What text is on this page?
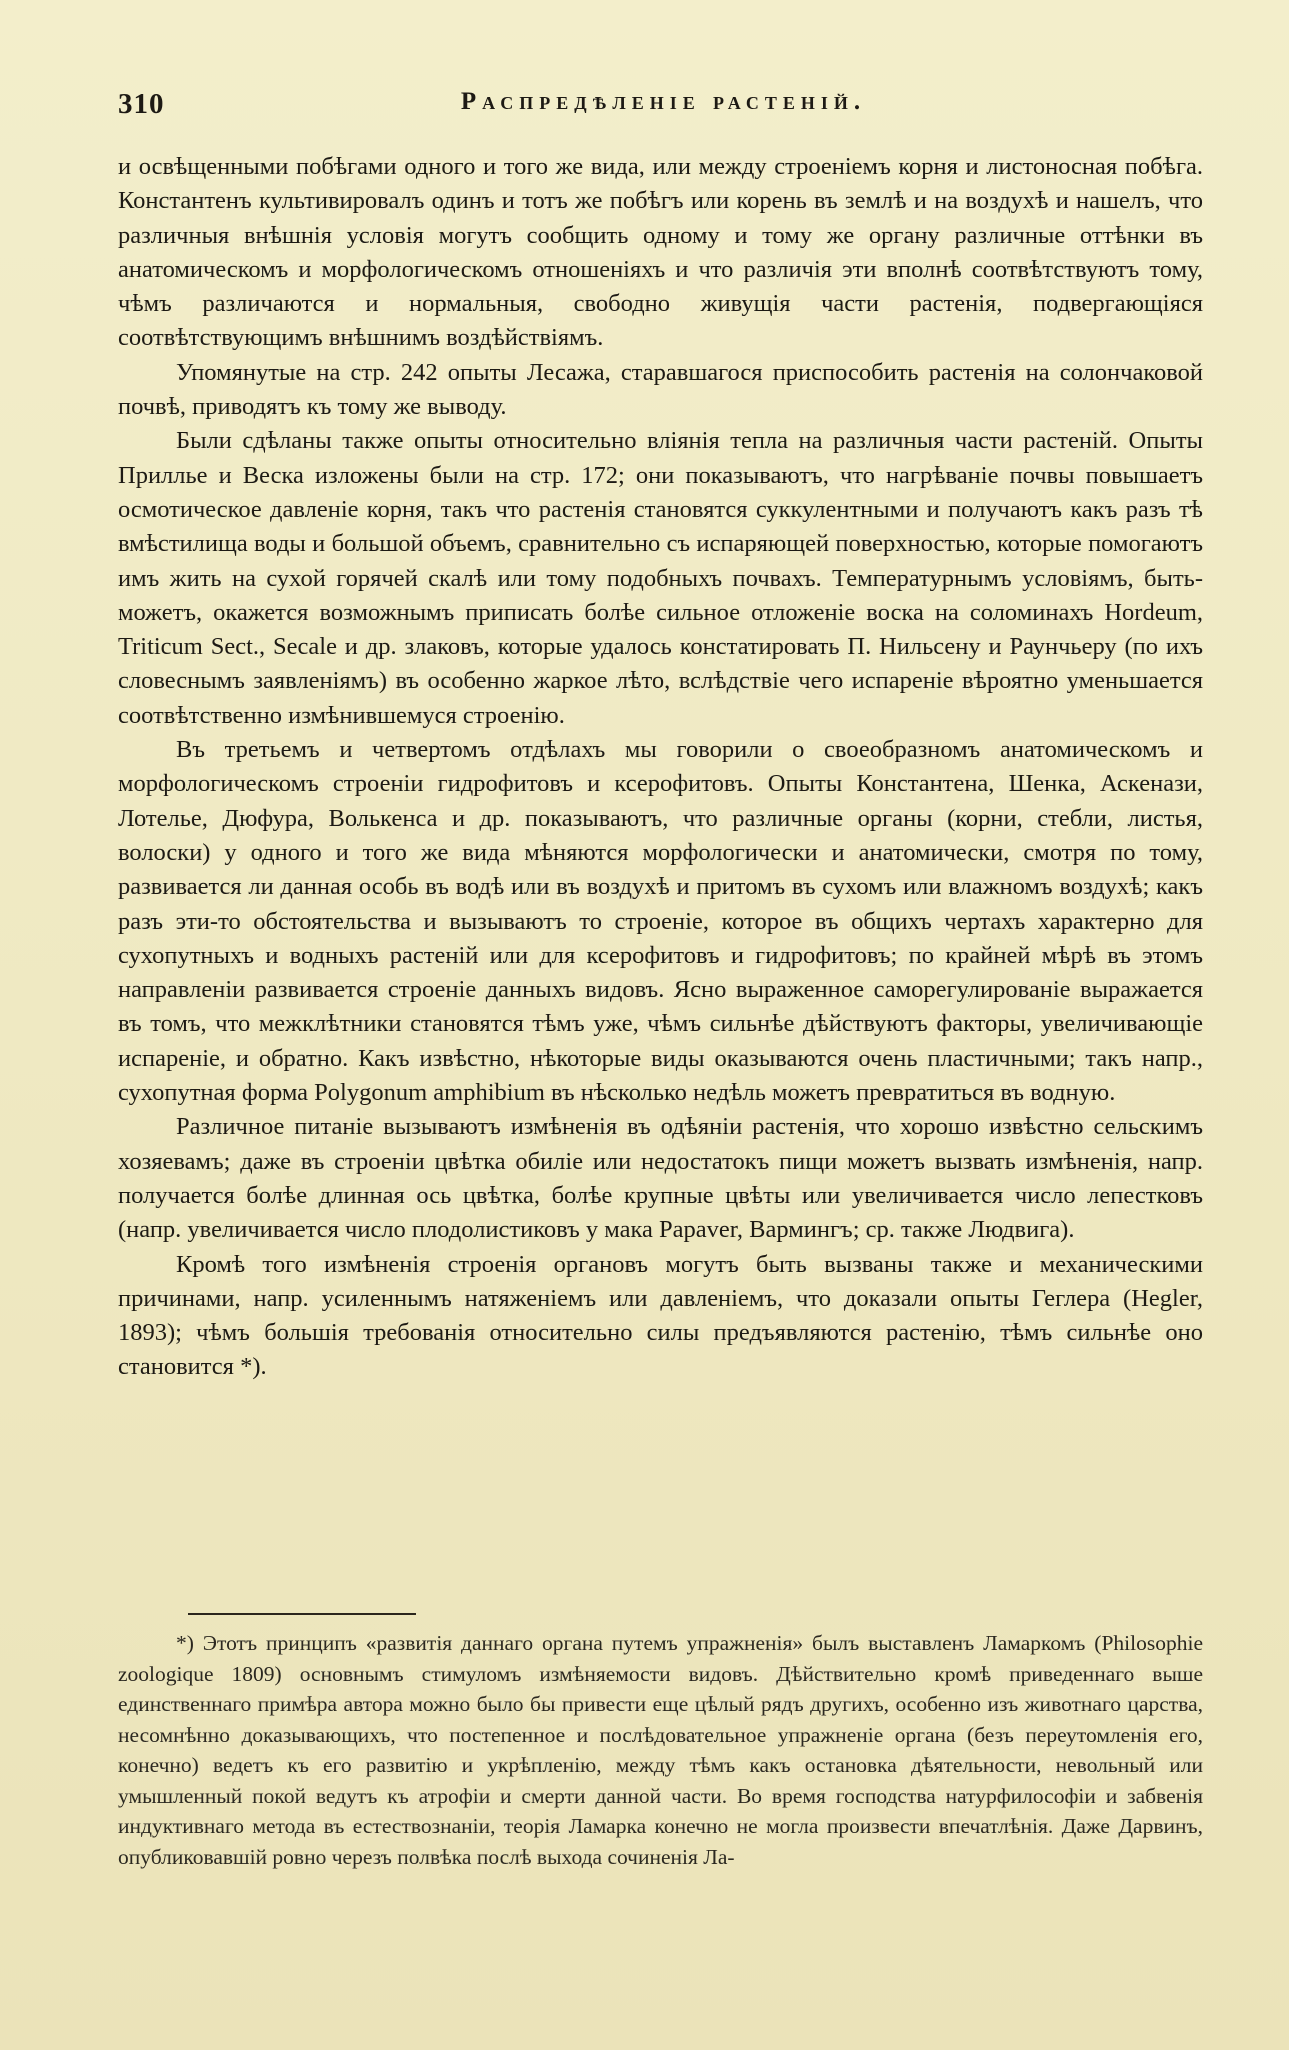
310	Распредѣленіе растеній.

и освѣщенными побѣгами одного и того же вида, или между строеніемъ корня и листоносная побѣга. Константенъ культивировалъ одинъ и тотъ же побѣгъ или корень въ землѣ и на воздухѣ и нашелъ, что различныя внѣшнія условія могутъ сообщить одному и тому же органу различные оттѣнки въ анатомическомъ и морфологическомъ отношеніяхъ и что различія эти вполнѣ соотвѣтствуютъ тому, чѣмъ различаются и нормальныя, свободно живущія части растенія, подвергающіяся соотвѣтствующимъ внѣшнимъ воздѣйствіямъ.

Упомянутые на стр. 242 опыты Лесажа, старавшагося приспособить растенія на солончаковой почвѣ, приводятъ къ тому же выводу.

Были сдѣланы также опыты относительно вліянія тепла на различныя части растеній. Опыты Приллье и Веска изложены были на стр. 172; они показываютъ, что нагрѣваніе почвы повышаетъ осмотическое давленіе корня, такъ что растенія становятся суккулентными и получаютъ какъ разъ тѣ вмѣстилища воды и большой объемъ, сравнительно съ испаряющей поверхностью, которые помогаютъ имъ жить на сухой горячей скалѣ или тому подобныхъ почвахъ. Температурнымъ условіямъ, быть-можетъ, окажется возможнымъ приписать болѣе сильное отложеніе воска на соломинахъ Hordeum, Triticum Sect., Secale и др. злаковъ, которые удалось констатировать П. Нильсену и Раунчьеру (по ихъ словеснымъ заявленіямъ) въ особенно жаркое лѣто, вслѣдствіе чего испареніе вѣроятно уменьшается соотвѣтственно измѣнившемуся строенію.

Въ третьемъ и четвертомъ отдѣлахъ мы говорили о своеобразномъ анатомическомъ и морфологическомъ строеніи гидрофитовъ и ксерофитовъ. Опыты Константена, Шенка, Аскенази, Лотелье, Дюфура, Волькенса и др. показываютъ, что различные органы (корни, стебли, листья, волоски) у одного и того же вида мѣняются морфологически и анатомически, смотря по тому, развивается ли данная особь въ водѣ или въ воздухѣ и притомъ въ сухомъ или влажномъ воздухѣ; какъ разъ эти-то обстоятельства и вызываютъ то строеніе, которое въ общихъ чертахъ характерно для сухопутныхъ и водныхъ растеній или для ксерофитовъ и гидрофитовъ; по крайней мѣрѣ въ этомъ направленіи развивается строеніе данныхъ видовъ. Ясно выраженное саморегулированіе выражается въ томъ, что межклѣтники становятся тѣмъ уже, чѣмъ сильнѣе дѣйствуютъ факторы, увеличивающіе испареніе, и обратно. Какъ извѣстно, нѣкоторые виды оказываются очень пластичными; такъ напр., сухопутная форма Polygonum amphibium въ нѣсколько недѣль можетъ превратиться въ водную.

Различное питаніе вызываютъ измѣненія въ одѣяніи растенія, что хорошо извѣстно сельскимъ хозяевамъ; даже въ строеніи цвѣтка обиліе или недостатокъ пищи можетъ вызвать измѣненія, напр. получается болѣе длинная ось цвѣтка, болѣе крупные цвѣты или увеличивается число лепестковъ (напр. увеличивается число плодолистиковъ у мака Papaver, Вармингъ; ср. также Людвига).

Кромѣ того измѣненія строенія органовъ могутъ быть вызваны также и механическими причинами, напр. усиленнымъ натяженіемъ или давленіемъ, что доказали опыты Геглера (Hegler, 1893); чѣмъ большія требованія относительно силы предъявляются растенію, тѣмъ сильнѣе оно становится *).

*) Этотъ принципъ «развитія даннаго органа путемъ упражненія» былъ выставленъ Ламаркомъ (Philosophie zoologique 1809) основнымъ стимуломъ измѣняемости видовъ. Дѣйствительно кромѣ приведеннаго выше единственнаго примѣра автора можно было бы привести еще цѣлый рядъ другихъ, особенно изъ животнаго царства, несомнѣнно доказывающихъ, что постепенное и послѣдовательное упражненіе органа (безъ переутомленія его, конечно) ведетъ къ его развитію и укрѣпленію, между тѣмъ какъ остановка дѣятельности, невольный или умышленный покой ведутъ къ атрофіи и смерти данной части. Во время господства натурфилософіи и забвенія индуктивнаго метода въ естествознаніи, теорія Ламарка конечно не могла произвести впечатлѣнія. Даже Дарвинъ, опубликовавшій ровно черезъ полвѣка послѣ выхода сочиненія Ла-
